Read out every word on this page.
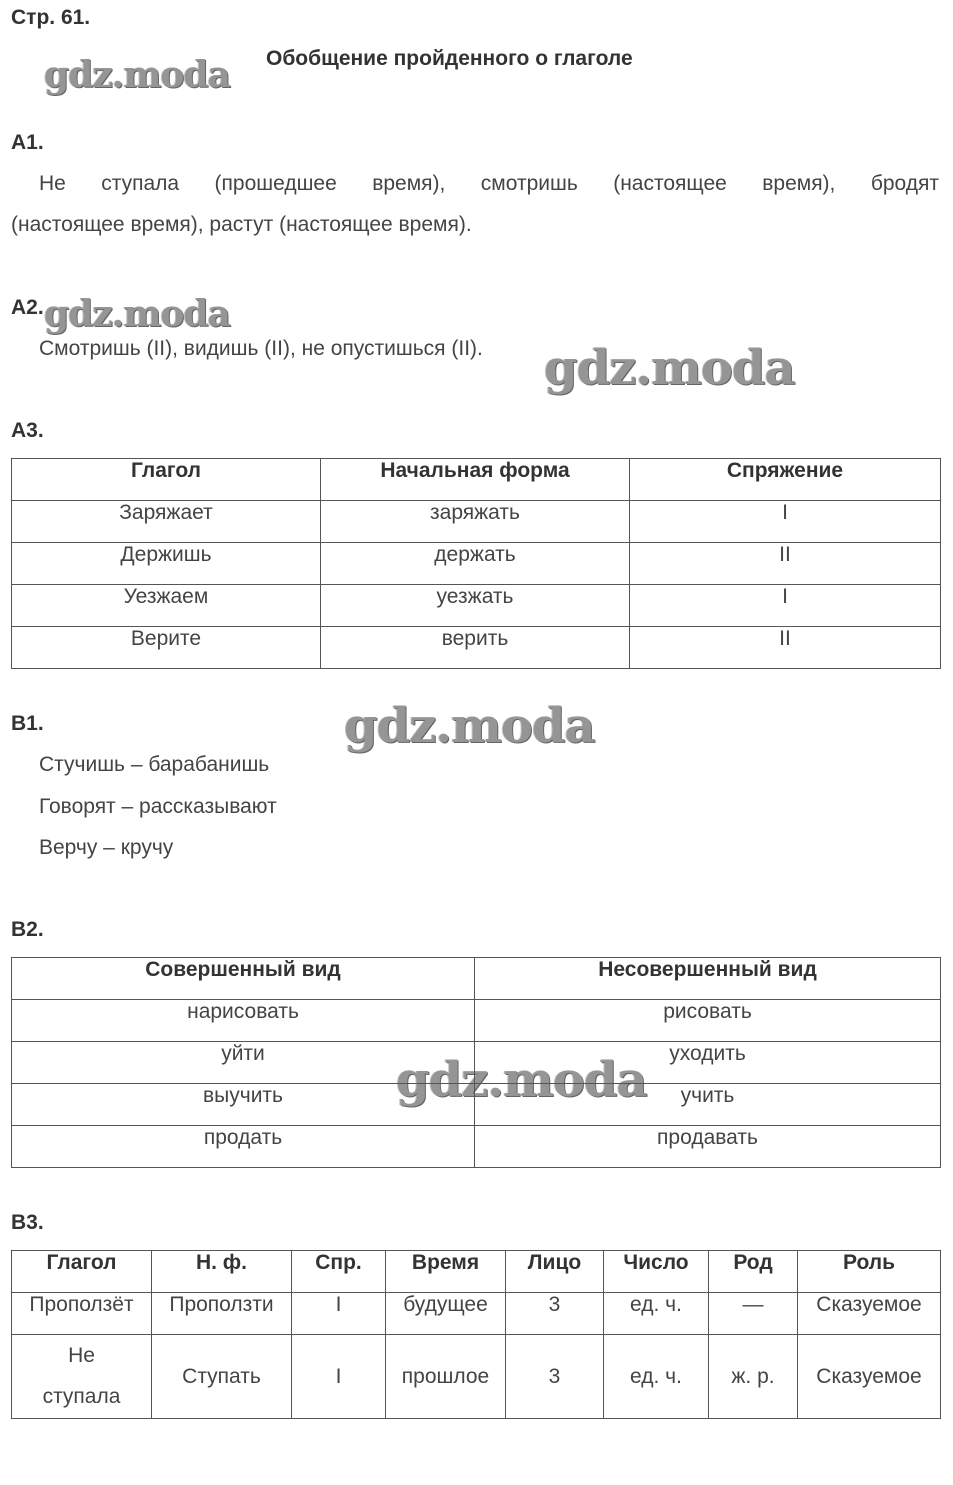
Стр. 61.
Обобщение пройденного о глаголе
gdz.moda
gdz.moda
gdz.moda
gdz.moda
gdz.moda
А1.
Не ступала (прошедшее время), смотришь (настоящее время), бродят
(настоящее время), растут (настоящее время).
А2.
Смотришь (II), видишь (II), не опустишься (II).
А3.
Глагол	Начальная форма	Спряжение
Заряжает	заряжать	I
Держишь	держать	II
Уезжаем	уезжать	I
Верите	верить	II
В1.
Стучишь – барабанишь
Говорят – рассказывают
Верчу – кручу
В2.
Совершенный вид	Несовершенный вид
нарисовать	рисовать
уйти	уходить
выучить	учить
продать	продавать
В3.
Глагол	Н. ф.	Спр.	Время	Лицо	Число	Род	Роль
Проползёт	Проползти	I	будущее	3	ед. ч.	—	Сказуемое

Не
ступала	Ступать	I	прошлое	3	ед. ч.	ж. р.	Сказуемое
